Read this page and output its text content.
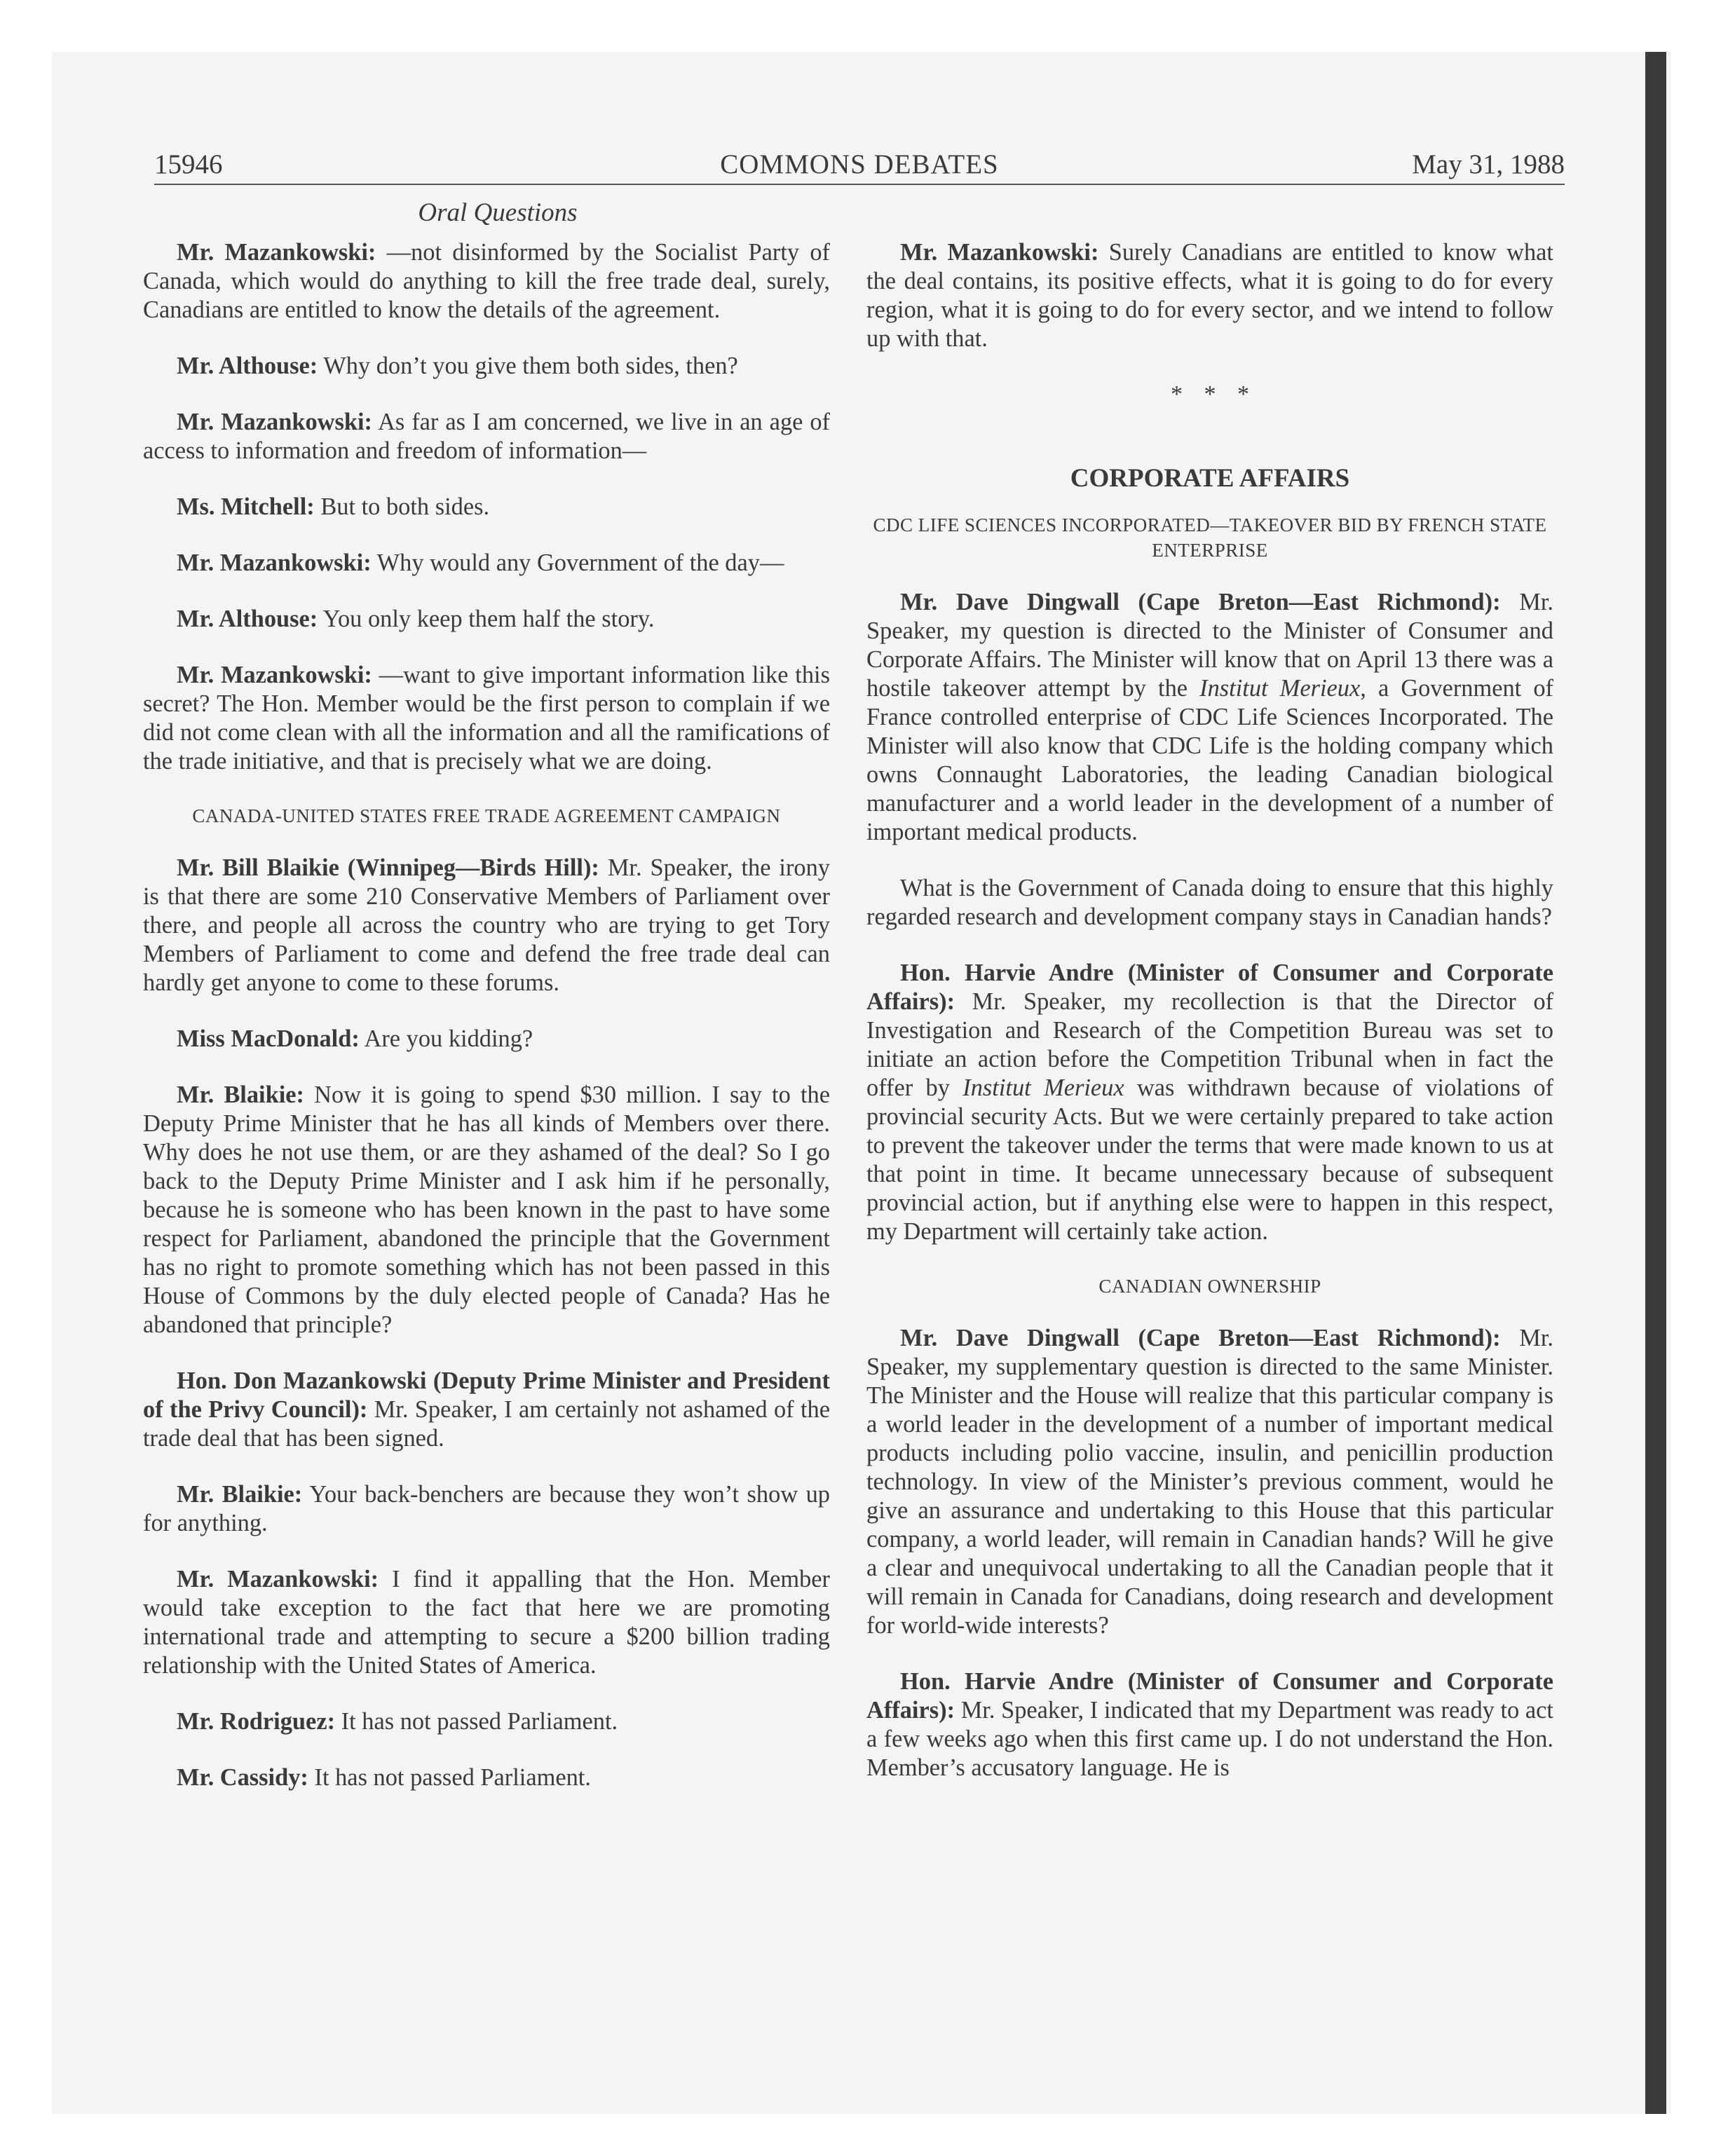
15946	COMMONS DEBATES	May 31, 1988
Oral Questions

Mr. Mazankowski: —not disinformed by the Socialist Party of Canada, which would do anything to kill the free trade deal, surely, Canadians are entitled to know the details of the agreement.

Mr. Althouse: Why don’t you give them both sides, then?

Mr. Mazankowski: As far as I am concerned, we live in an age of access to information and freedom of information—

Ms. Mitchell: But to both sides.

Mr. Mazankowski: Why would any Government of the day—

Mr. Althouse: You only keep them half the story.

Mr. Mazankowski: —want to give important information like this secret? The Hon. Member would be the first person to complain if we did not come clean with all the information and all the ramifications of the trade initiative, and that is precisely what we are doing.

CANADA-UNITED STATES FREE TRADE AGREEMENT CAMPAIGN

Mr. Bill Blaikie (Winnipeg—Birds Hill): Mr. Speaker, the irony is that there are some 210 Conservative Members of Parliament over there, and people all across the country who are trying to get Tory Members of Parliament to come and defend the free trade deal can hardly get anyone to come to these forums.

Miss MacDonald: Are you kidding?

Mr. Blaikie: Now it is going to spend $30 million. I say to the Deputy Prime Minister that he has all kinds of Members over there. Why does he not use them, or are they ashamed of the deal? So I go back to the Deputy Prime Minister and I ask him if he personally, because he is someone who has been known in the past to have some respect for Parliament, abandoned the principle that the Government has no right to promote something which has not been passed in this House of Commons by the duly elected people of Canada? Has he abandoned that principle?

Hon. Don Mazankowski (Deputy Prime Minister and President of the Privy Council): Mr. Speaker, I am certainly not ashamed of the trade deal that has been signed.

Mr. Blaikie: Your back-benchers are because they won’t show up for anything.

Mr. Mazankowski: I find it appalling that the Hon. Member would take exception to the fact that here we are promoting international trade and attempting to secure a $200 billion trading relationship with the United States of America.

Mr. Rodriguez: It has not passed Parliament.

Mr. Cassidy: It has not passed Parliament.

Mr. Mazankowski: Surely Canadians are entitled to know what the deal contains, its positive effects, what it is going to do for every region, what it is going to do for every sector, and we intend to follow up with that.

* * *

CORPORATE AFFAIRS

CDC LIFE SCIENCES INCORPORATED—TAKEOVER BID BY FRENCH STATE ENTERPRISE

Mr. Dave Dingwall (Cape Breton—East Richmond): Mr. Speaker, my question is directed to the Minister of Consumer and Corporate Affairs. The Minister will know that on April 13 there was a hostile takeover attempt by the Institut Merieux, a Government of France controlled enterprise of CDC Life Sciences Incorporated. The Minister will also know that CDC Life is the holding company which owns Connaught Laboratories, the leading Canadian biological manufacturer and a world leader in the development of a number of important medical products.

What is the Government of Canada doing to ensure that this highly regarded research and development company stays in Canadian hands?

Hon. Harvie Andre (Minister of Consumer and Corporate Affairs): Mr. Speaker, my recollection is that the Director of Investigation and Research of the Competition Bureau was set to initiate an action before the Competition Tribunal when in fact the offer by Institut Merieux was withdrawn because of violations of provincial security Acts. But we were certainly prepared to take action to prevent the takeover under the terms that were made known to us at that point in time. It became unnecessary because of subsequent provincial action, but if anything else were to happen in this respect, my Department will certainly take action.

CANADIAN OWNERSHIP

Mr. Dave Dingwall (Cape Breton—East Richmond): Mr. Speaker, my supplementary question is directed to the same Minister. The Minister and the House will realize that this particular company is a world leader in the development of a number of important medical products including polio vaccine, insulin, and penicillin production technology. In view of the Minister’s previous comment, would he give an assurance and undertaking to this House that this particular company, a world leader, will remain in Canadian hands? Will he give a clear and unequivocal undertaking to all the Canadian people that it will remain in Canada for Canadians, doing research and development for world-wide interests?

Hon. Harvie Andre (Minister of Consumer and Corporate Affairs): Mr. Speaker, I indicated that my Department was ready to act a few weeks ago when this first came up. I do not understand the Hon. Member’s accusatory language. He is
